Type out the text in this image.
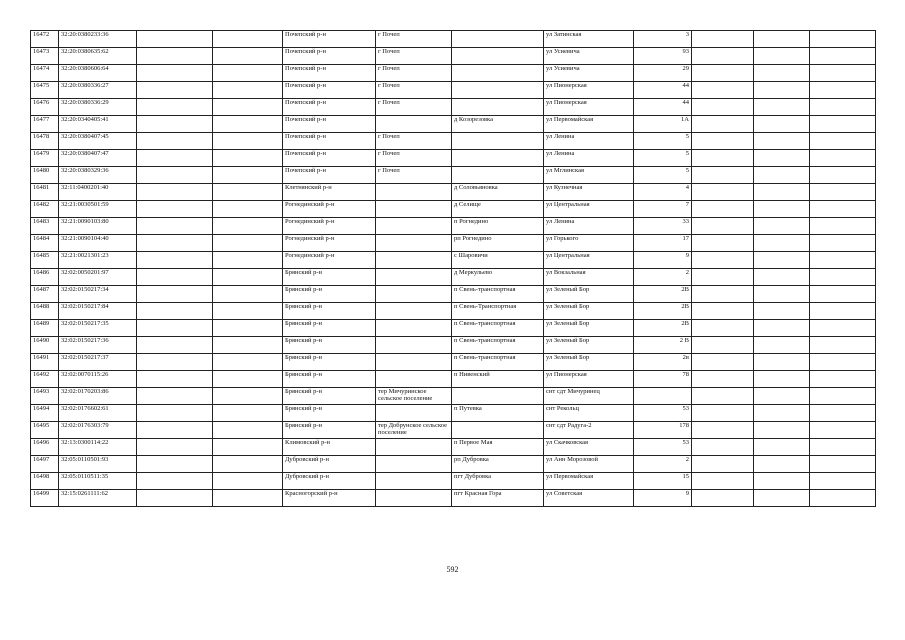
16472	32:20:0380233:36			Почепский р-н	г Почеп		ул Затинская	3			
16473	32:20:0380635:62			Почепский р-н	г Почеп		ул Усиевича	93			
16474	32:20:0380606:64			Почепский р-н	г Почеп		ул Усиевича	29			
16475	32:20:0380336:27			Почепский р-н	г Почеп		ул Пионерская	44			
16476	32:20:0380336:29			Почепский р-н	г Почеп		ул Пионерская	44			
16477	32:20:0340405:41			Почепский р-н		д Козорезовка	ул Первомайская	1А			
16478	32:20:0380407:45			Почепский р-н	г Почеп		ул Ленина	5			
16479	32:20:0380407:47			Почепский р-н	г Почеп		ул Ленина	5			
16480	32:20:0380329:36			Почепский р-н	г Почеп		ул Мглинская	5			
16481	32:11:0400201:40			Клетнянский р-н		д Соловьяновка	ул Кузнечная	4			
16482	32:21:0030501:59			Рогнединский р-н		д Селище	ул Центральная	7			
16483	32:21:0090103:80			Рогнединский р-н		п Рогнедино	ул Ленина	33			
16484	32:21:0090104:40			Рогнединский р-н		рп Рогнедино	ул Горького	17			
16485	32:21:0021301:23			Рогнединский р-н		с Шаровичи	ул Центральная	9			
16486	32:02:0050201:97			Брянский р-н		д Меркульево	ул Вокзальная	2			
16487	32:02:0150217:34			Брянский р-н		п Свень-транспортная	ул Зеленый Бор	2В			
16488	32:02:0150217:84			Брянский р-н		п Свень-Транспортная	ул Зеленый Бор	2В			
16489	32:02:0150217:35			Брянский р-н		п Свень-транспортная	ул Зеленый Бор	2В			
16490	32:02:0150217:36			Брянский р-н		п Свень-транспортная	ул Зеленый Бор	2 В			
16491	32:02:0150217:37			Брянский р-н		п Свень-транспортная	ул Зеленый Бор	2в			
16492	32:02:0070115:26			Брянский р-н		п Нивенский	ул Пионерская	78			
16493	32:02:0170203:86			Брянский р-н	тер Мичуринское сельское поселение		снт сдт Мичуринец				
16494	32:02:0176602:61			Брянский р-н		п Путевка	снт Рекольц	53			
16495	32:02:0176303:79			Брянский р-н	тер Добрунское сельское поселение		снт сдт Радуга-2	178			
16496	32:13:0300114:22			Климовский р-н		п Первое Мая	ул Скачковская	53			
16497	32:05:0110501:93			Дубровский р-н		рп Дубровка	ул Анн Морозовой	2			
16498	32:05:0110511:35			Дубровский р-н		пгт Дубровка	ул Первомайская	15			
16499	32:15:0261111:62			Красногорский р-н		пгт Красная Гора	ул Советская	9			
592
